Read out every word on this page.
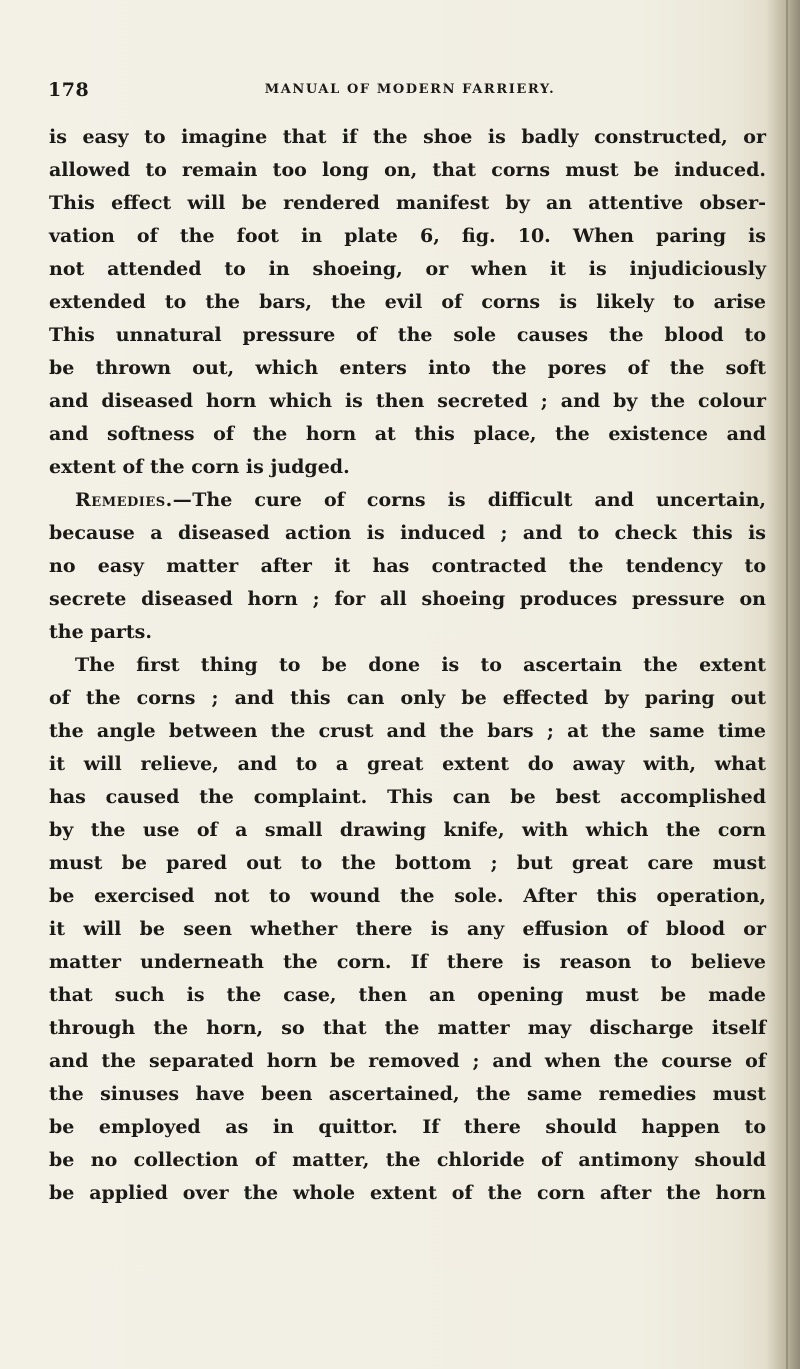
178	MANUAL OF MODERN FARRIERY.
is easy to imagine that if the shoe is badly constructed, or
allowed to remain too long on, that corns must be induced.
This effect will be rendered manifest by an attentive obser-
vation of the foot in plate 6, fig. 10. When paring is
not attended to in shoeing, or when it is injudiciously
extended to the bars, the evil of corns is likely to arise
This unnatural pressure of the sole causes the blood to
be thrown out, which enters into the pores of the soft
and diseased horn which is then secreted ; and by the colour
and softness of the horn at this place, the existence and
extent of the corn is judged.
Remedies.—The cure of corns is difficult and uncertain,
because a diseased action is induced ; and to check this is
no easy matter after it has contracted the tendency to
secrete diseased horn ; for all shoeing produces pressure on
the parts.
The first thing to be done is to ascertain the extent
of the corns ; and this can only be effected by paring out
the angle between the crust and the bars ; at the same time
it will relieve, and to a great extent do away with, what
has caused the complaint. This can be best accomplished
by the use of a small drawing knife, with which the corn
must be pared out to the bottom ; but great care must
be exercised not to wound the sole. After this operation,
it will be seen whether there is any effusion of blood or
matter underneath the corn. If there is reason to believe
that such is the case, then an opening must be made
through the horn, so that the matter may discharge itself
and the separated horn be removed ; and when the course of
the sinuses have been ascertained, the same remedies must
be employed as in quittor. If there should happen to
be no collection of matter, the chloride of antimony should
be applied over the whole extent of the corn after the horn
